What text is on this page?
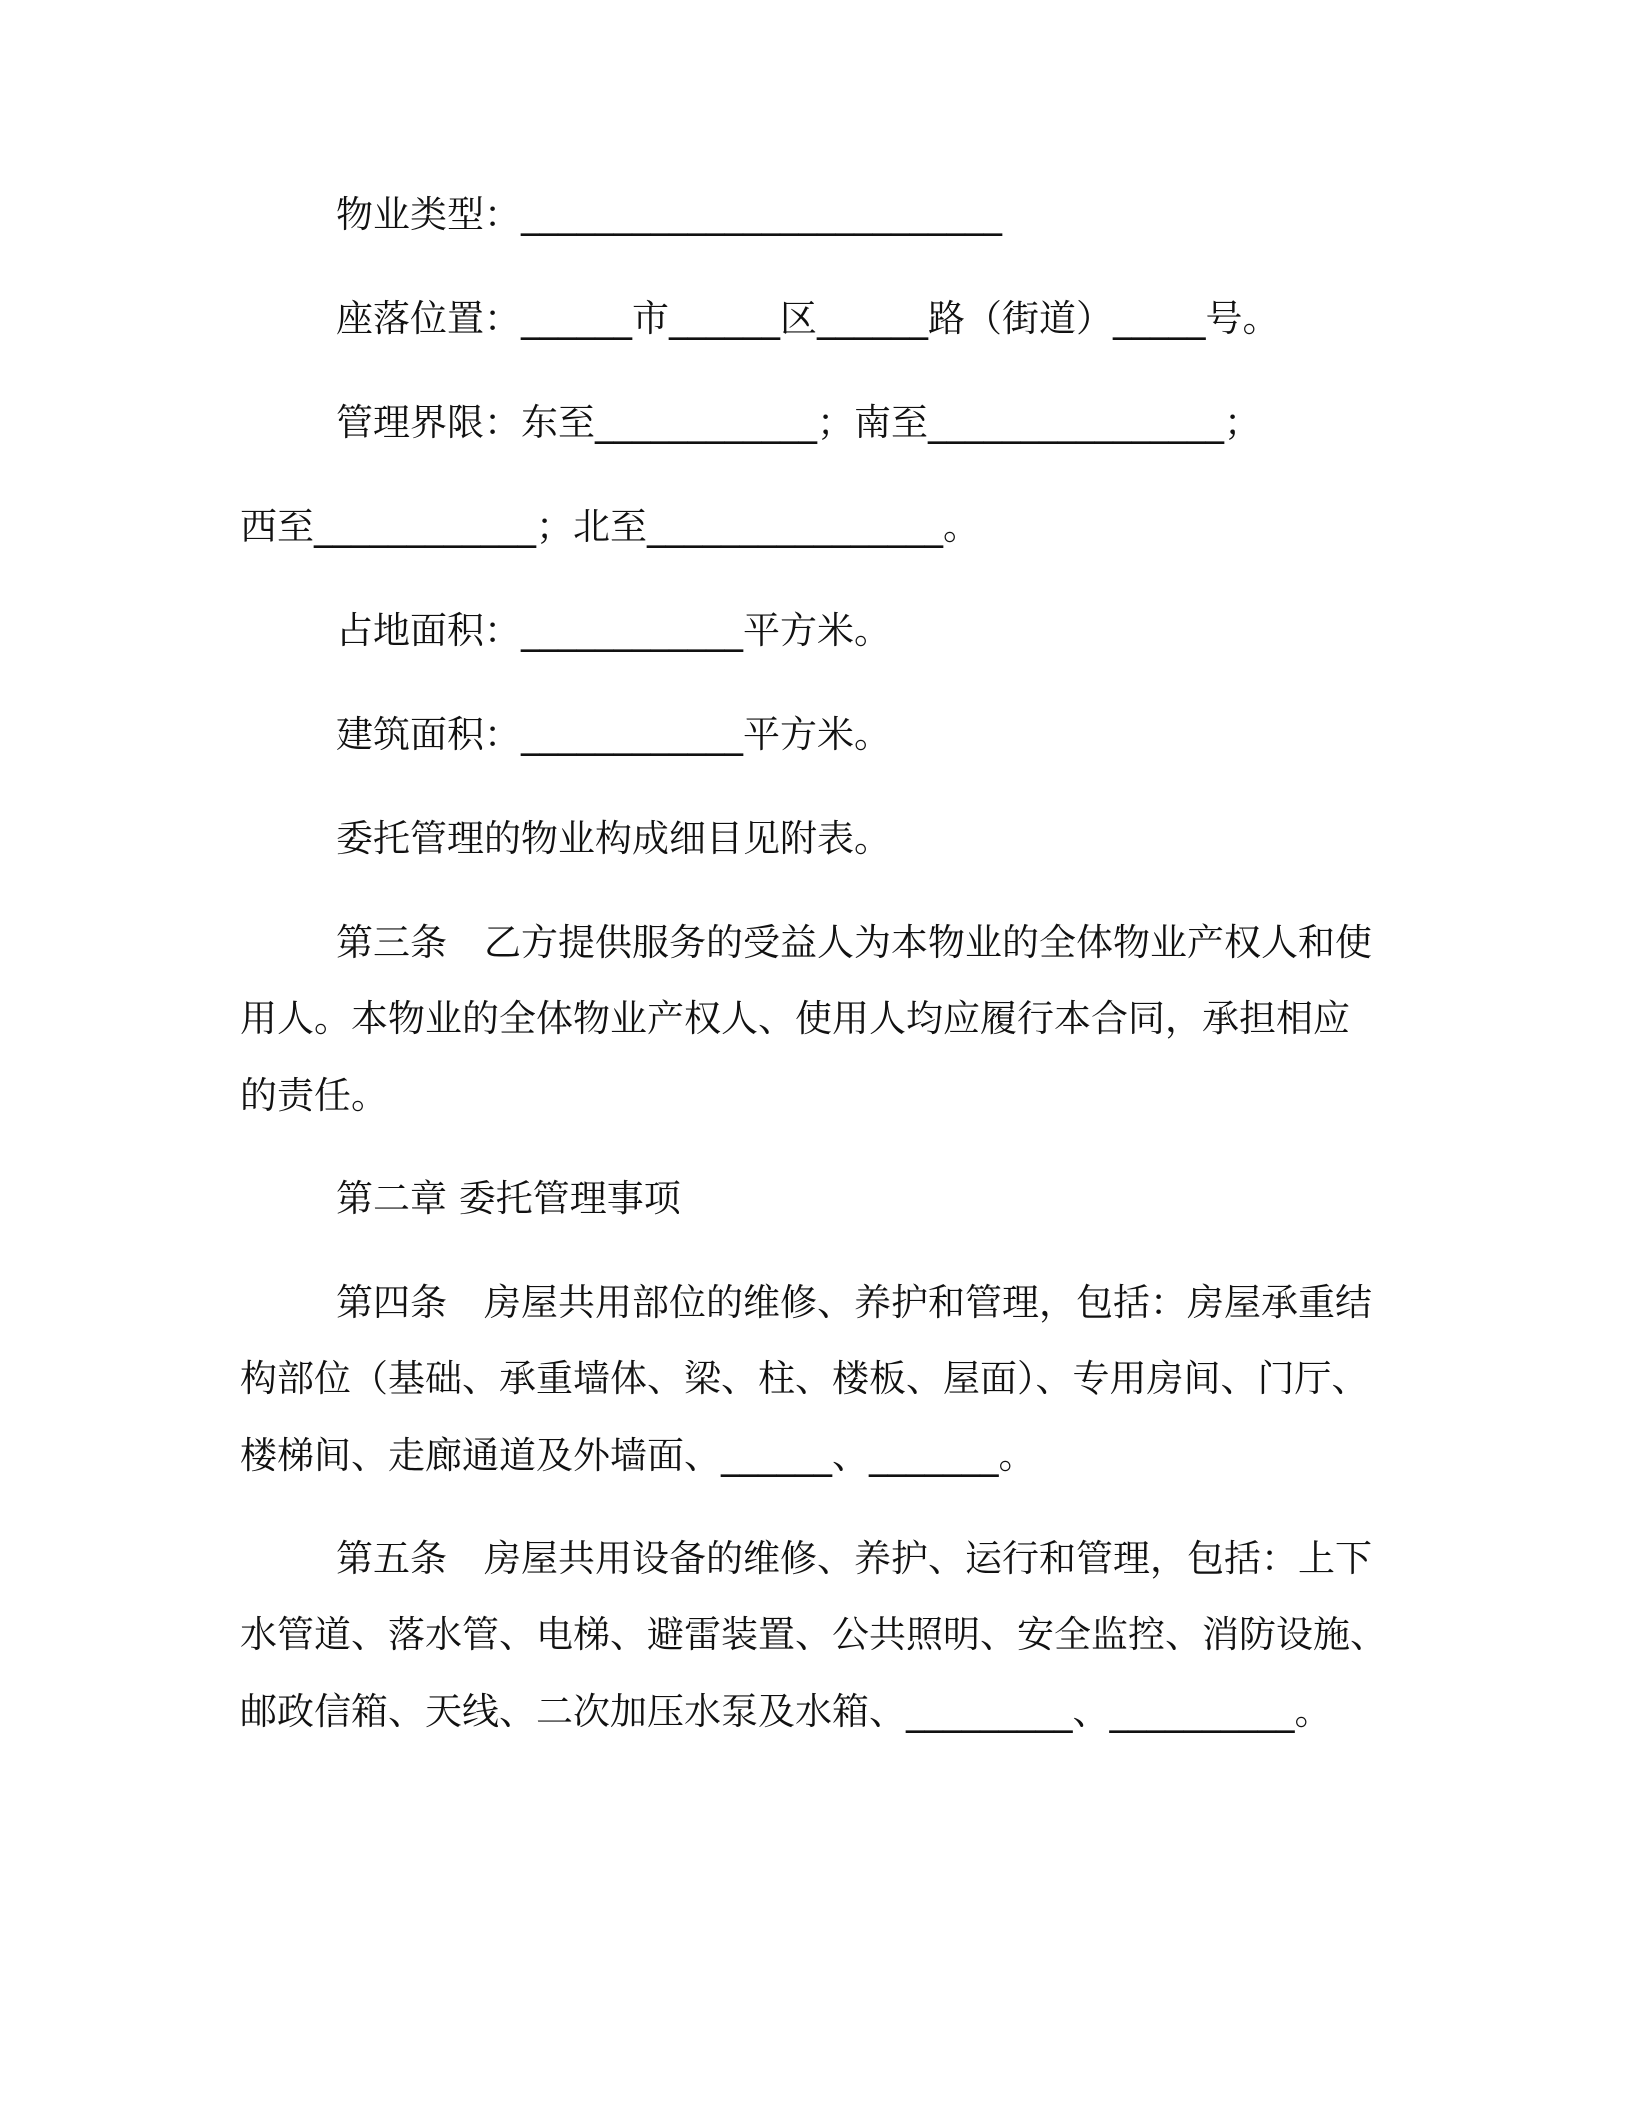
物业类型：__________________________
座落位置：______市______区______路（街道）_____号。
管理界限：东至____________；南至________________；
西至____________；北至________________。
占地面积：____________平方米。
建筑面积：____________平方米。
委托管理的物业构成细目见附表。
第三条　乙方提供服务的受益人为本物业的全体物业产权人和使
用人。本物业的全体物业产权人、使用人均应履行本合同，承担相应
的责任。
第二章 委托管理事项
第四条　房屋共用部位的维修、养护和管理，包括：房屋承重结
构部位（基础、承重墙体、梁、柱、楼板、屋面）、专用房间、门厅、
楼梯间、走廊通道及外墙面、______、_______。
第五条　房屋共用设备的维修、养护、运行和管理，包括：上下
水管道、落水管、电梯、避雷装置、公共照明、安全监控、消防设施、
邮政信箱、天线、二次加压水泵及水箱、_________、__________。
